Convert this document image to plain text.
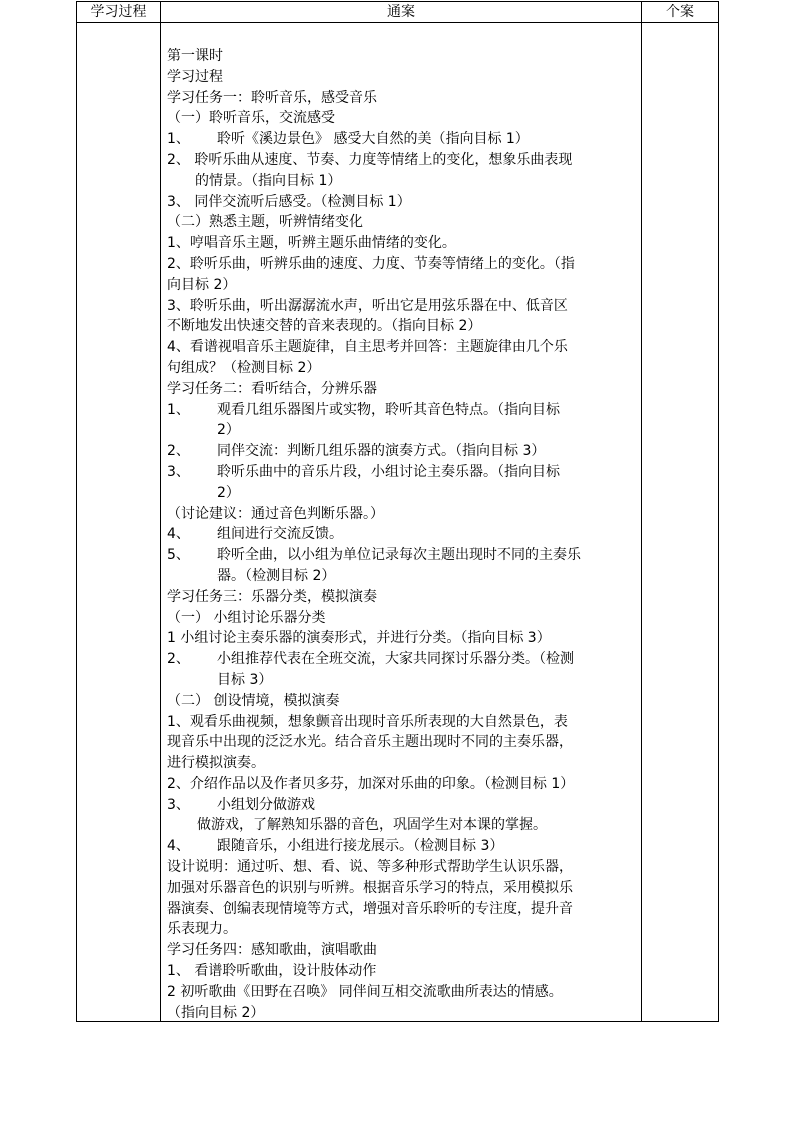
学习过程	通案	个案

第一课时

学习过程

学习任务一：聆听音乐，感受音乐

（一）聆听音乐，交流感受

1、 聆听《溪边景色》 感受大自然的美（指向目标 1）

2、 聆听乐曲从速度、节奏、力度等情绪上的变化，想象乐曲表现

的情景。（指向目标 1）

3、 同伴交流听后感受。（检测目标 1）

（二）熟悉主题，听辨情绪变化

1、哼唱音乐主题，听辨主题乐曲情绪的变化。

2、聆听乐曲，听辨乐曲的速度、力度、节奏等情绪上的变化。（指

向目标 2）

3、聆听乐曲，听出潺潺流水声，听出它是用弦乐器在中、低音区

不断地发出快速交替的音来表现的。（指向目标 2）

4、看谱视唱音乐主题旋律，自主思考并回答：主题旋律由几个乐

句组成？（检测目标 2）

学习任务二：看听结合，分辨乐器

1、 观看几组乐器图片或实物，聆听其音色特点。（指向目标

2）

2、 同伴交流：判断几组乐器的演奏方式。（指向目标 3）

3、 聆听乐曲中的音乐片段，小组讨论主奏乐器。（指向目标

2）

（讨论建议：通过音色判断乐器。）

4、 组间进行交流反馈。

5、 聆听全曲，以小组为单位记录每次主题出现时不同的主奏乐

器。（检测目标 2）

学习任务三：乐器分类，模拟演奏

（一） 小组讨论乐器分类

1 小组讨论主奏乐器的演奏形式，并进行分类。（指向目标 3）

2、 小组推荐代表在全班交流，大家共同探讨乐器分类。（检测

目标 3）

（二） 创设情境，模拟演奏

1、观看乐曲视频，想象颤音出现时音乐所表现的大自然景色，表

现音乐中出现的泛泛水光。结合音乐主题出现时不同的主奏乐器，

进行模拟演奏。

2、介绍作品以及作者贝多芬，加深对乐曲的印象。（检测目标 1）

3、 小组划分做游戏

做游戏，了解熟知乐器的音色，巩固学生对本课的掌握。

4、 跟随音乐，小组进行接龙展示。（检测目标 3）

设计说明：通过听、想、看、说、等多种形式帮助学生认识乐器，

加强对乐器音色的识别与听辨。根据音乐学习的特点，采用模拟乐

器演奏、创编表现情境等方式，增强对音乐聆听的专注度，提升音

乐表现力。

学习任务四：感知歌曲，演唱歌曲

1、 看谱聆听歌曲，设计肢体动作

2 初听歌曲《田野在召唤》 同伴间互相交流歌曲所表达的情感。

（指向目标 2）
